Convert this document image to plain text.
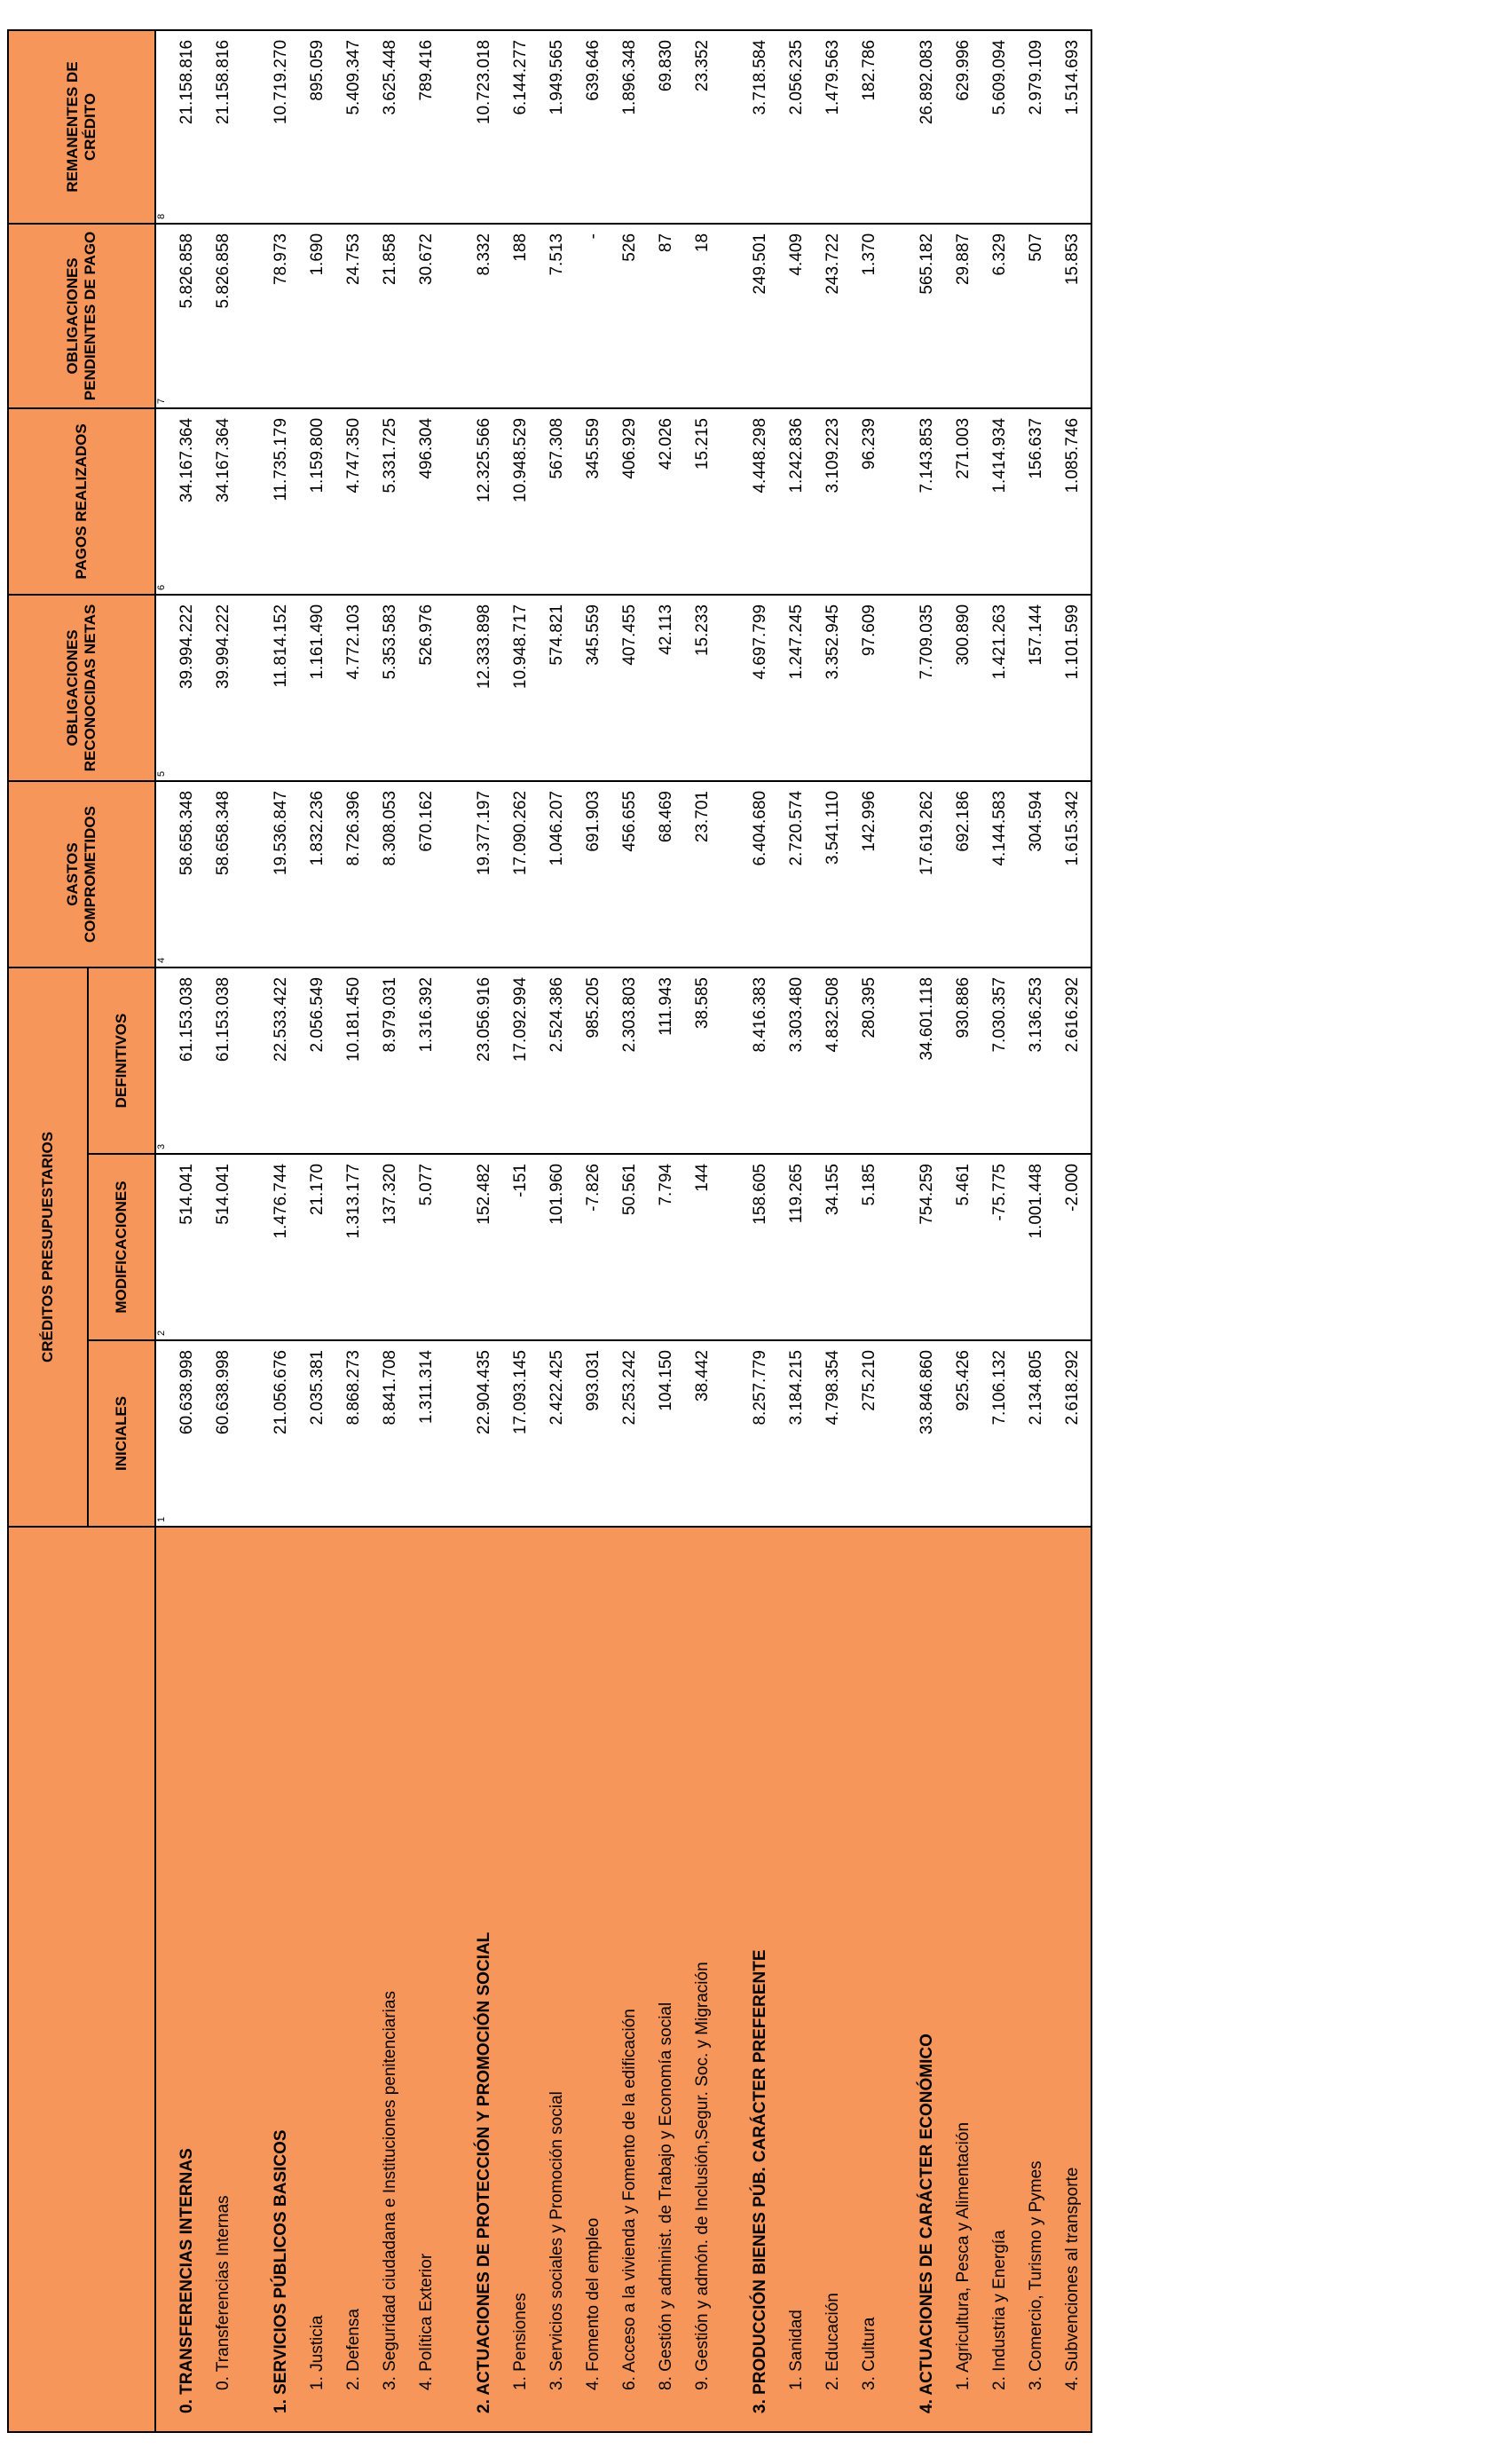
	CRÉDITOS PRESUPUESTARIOS			GASTOS COMPROMETIDOS	OBLIGACIONES RECONOCIDAS NETAS	PAGOS REALIZADOS	OBLIGACIONES PENDIENTES DE PAGO	REMANENTES DE CRÉDITO
	INICIALES	MODIFICACIONES	DEFINITIVOS					
	1	2	3	4	5	6	7	8
0. TRANSFERENCIAS INTERNAS	60.638.998	514.041	61.153.038	58.658.348	39.994.222	34.167.364	5.826.858	21.158.816
0. Transferencias Internas	60.638.998	514.041	61.153.038	58.658.348	39.994.222	34.167.364	5.826.858	21.158.816

1. SERVICIOS PÚBLICOS BASICOS	21.056.676	1.476.744	22.533.422	19.536.847	11.814.152	11.735.179	78.973	10.719.270
1. Justicia	2.035.381	21.170	2.056.549	1.832.236	1.161.490	1.159.800	1.690	895.059
2. Defensa	8.868.273	1.313.177	10.181.450	8.726.396	4.772.103	4.747.350	24.753	5.409.347
3. Seguridad ciudadana e Instituciones penitenciarias	8.841.708	137.320	8.979.031	8.308.053	5.353.583	5.331.725	21.858	3.625.448
4. Política Exterior	1.311.314	5.077	1.316.392	670.162	526.976	496.304	30.672	789.416

2. ACTUACIONES DE PROTECCIÓN Y PROMOCIÓN SOCIAL	22.904.435	152.482	23.056.916	19.377.197	12.333.898	12.325.566	8.332	10.723.018
1. Pensiones	17.093.145	-151	17.092.994	17.090.262	10.948.717	10.948.529	188	6.144.277
3. Servicios sociales y Promoción social	2.422.425	101.960	2.524.386	1.046.207	574.821	567.308	7.513	1.949.565
4. Fomento del empleo	993.031	-7.826	985.205	691.903	345.559	345.559	-	639.646
6. Acceso a la vivienda y Fomento de la edificación	2.253.242	50.561	2.303.803	456.655	407.455	406.929	526	1.896.348
8. Gestión y administ. de Trabajo y Economía social	104.150	7.794	111.943	68.469	42.113	42.026	87	69.830
9. Gestión y admón. de Inclusión,Segur. Soc. y Migración	38.442	144	38.585	23.701	15.233	15.215	18	23.352

3. PRODUCCIÓN BIENES PÚB. CARÁCTER PREFERENTE	8.257.779	158.605	8.416.383	6.404.680	4.697.799	4.448.298	249.501	3.718.584
1. Sanidad	3.184.215	119.265	3.303.480	2.720.574	1.247.245	1.242.836	4.409	2.056.235
2. Educación	4.798.354	34.155	4.832.508	3.541.110	3.352.945	3.109.223	243.722	1.479.563
3. Cultura	275.210	5.185	280.395	142.996	97.609	96.239	1.370	182.786

4. ACTUACIONES DE CARÁCTER ECONÓMICO	33.846.860	754.259	34.601.118	17.619.262	7.709.035	7.143.853	565.182	26.892.083
1. Agricultura, Pesca y Alimentación	925.426	5.461	930.886	692.186	300.890	271.003	29.887	629.996
2. Industria y Energía	7.106.132	-75.775	7.030.357	4.144.583	1.421.263	1.414.934	6.329	5.609.094
3. Comercio, Turismo y Pymes	2.134.805	1.001.448	3.136.253	304.594	157.144	156.637	507	2.979.109
4. Subvenciones al transporte	2.618.292	-2.000	2.616.292	1.615.342	1.101.599	1.085.746	15.853	1.514.693
